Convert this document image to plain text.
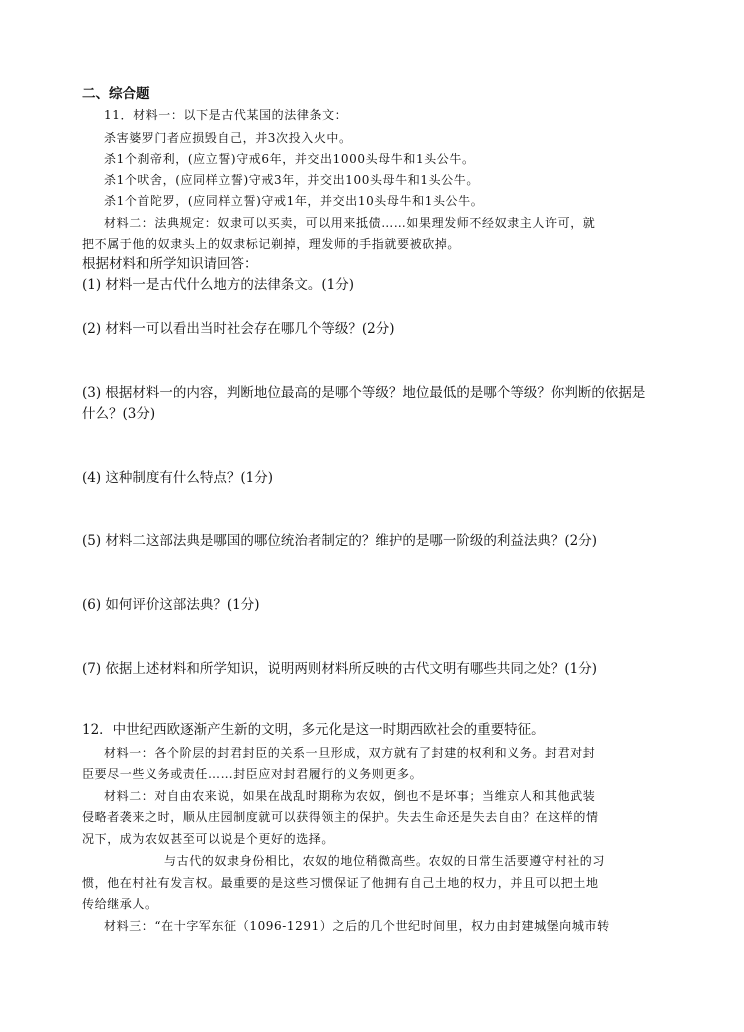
二、综合题
11．材料一：以下是古代某国的法律条文：
杀害婆罗门者应损毁自己，并3次投入火中。
杀1个刹帝利，(应立誓)守戒6年，并交出1000头母牛和1头公牛。
杀1个吠舍，(应同样立誓)守戒3年，并交出100头母牛和1头公牛。
杀1个首陀罗，(应同样立誓)守戒1年，并交出10头母牛和1头公牛。
材料二：法典规定：奴隶可以买卖，可以用来抵债……如果理发师不经奴隶主人许可，就
把不属于他的奴隶头上的奴隶标记剃掉，理发师的手指就要被砍掉。
根据材料和所学知识请回答：
(1) 材料一是古代什么地方的法律条文。(1分)
(2) 材料一可以看出当时社会存在哪几个等级？(2分)
(3) 根据材料一的内容，判断地位最高的是哪个等级？地位最低的是哪个等级？你判断的依据是
什么？(3分)
(4) 这种制度有什么特点？(1分)
(5) 材料二这部法典是哪国的哪位统治者制定的？维护的是哪一阶级的利益法典？(2分)
(6) 如何评价这部法典？(1分)
(7) 依据上述材料和所学知识，说明两则材料所反映的古代文明有哪些共同之处？(1分)
12．中世纪西欧逐渐产生新的文明，多元化是这一时期西欧社会的重要特征。
材料一：各个阶层的封君封臣的关系一旦形成，双方就有了封建的权利和义务。封君对封
臣要尽一些义务或责任……封臣应对封君履行的义务则更多。
材料二：对自由农来说，如果在战乱时期称为农奴，倒也不是坏事；当维京人和其他武装
侵略者袭来之时，顺从庄园制度就可以获得领主的保护。失去生命还是失去自由？在这样的情
况下，成为农奴甚至可以说是个更好的选择。
与古代的奴隶身份相比，农奴的地位稍微高些。农奴的日常生活要遵守村社的习
惯，他在村社有发言权。最重要的是这些习惯保证了他拥有自己土地的权力，并且可以把土地
传给继承人。
材料三：“在十字军东征（1096-1291）之后的几个世纪时间里，权力由封建城堡向城市转
